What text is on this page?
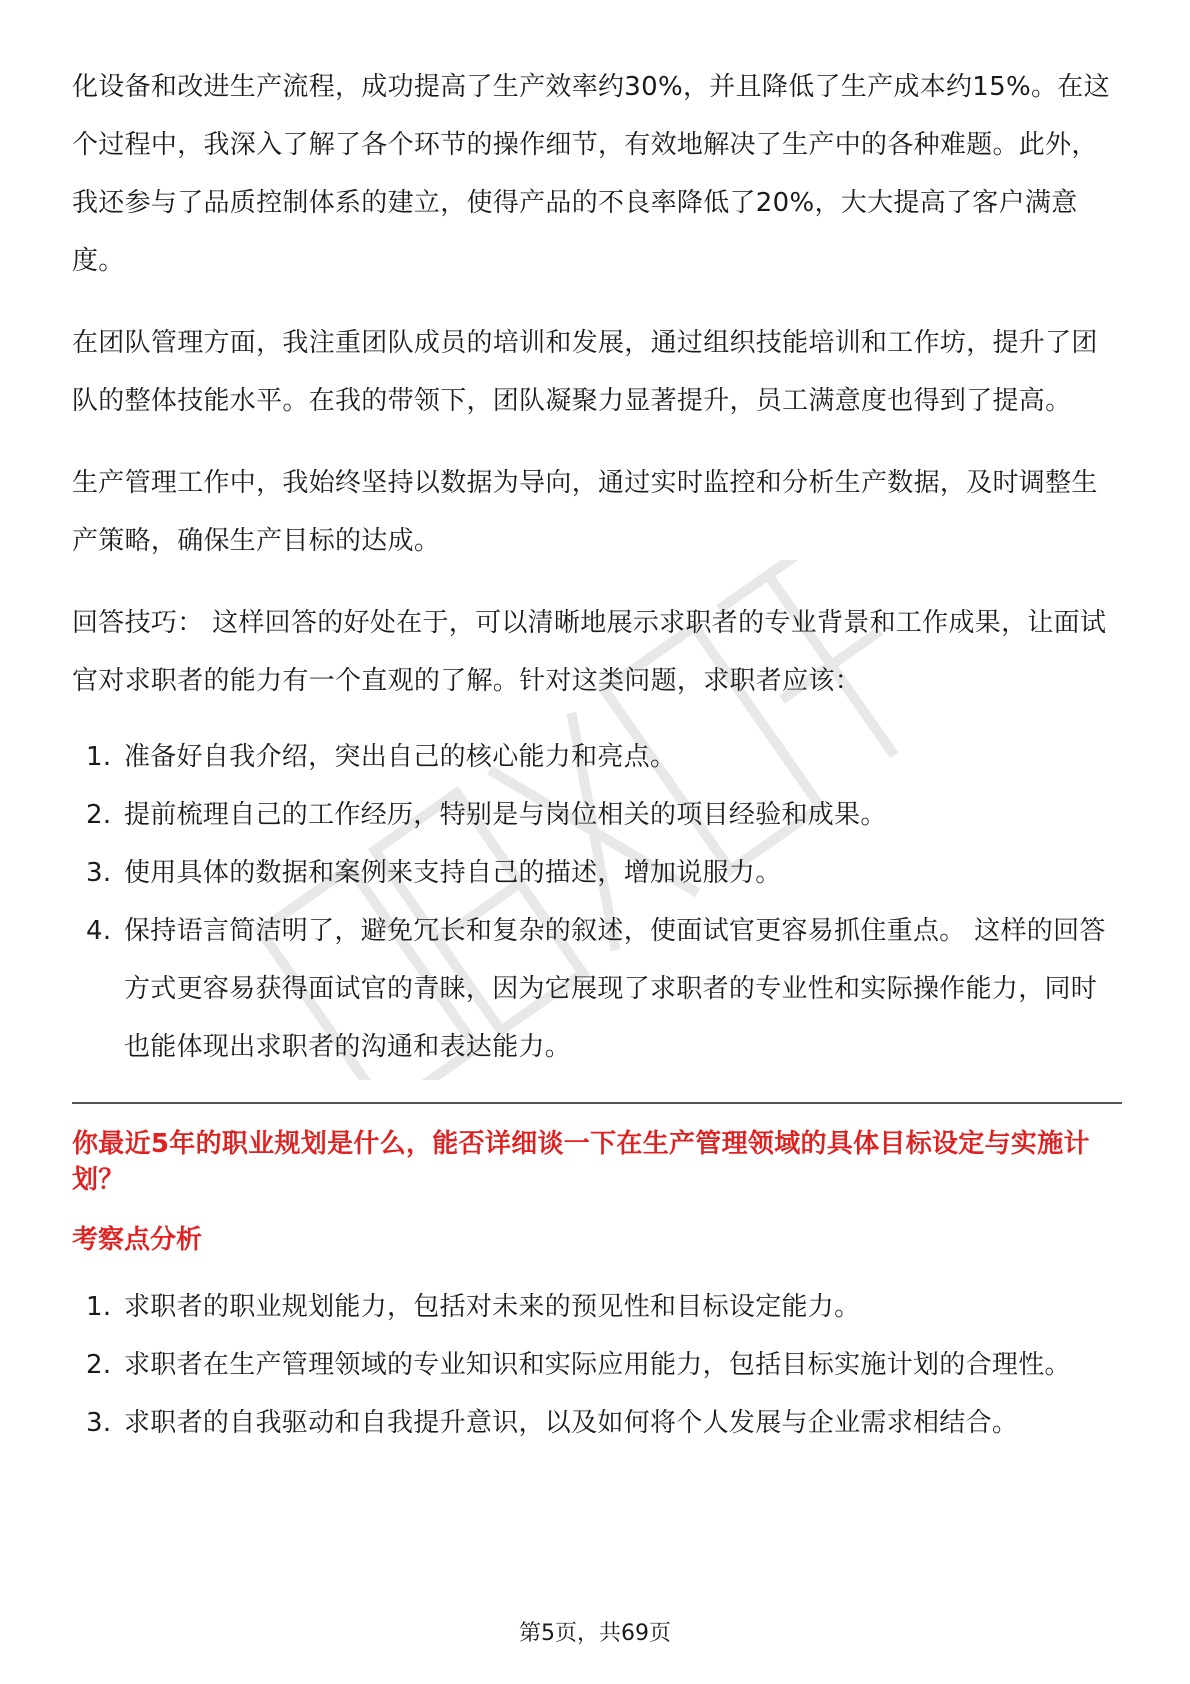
化设备和改进生产流程，成功提高了生产效率约30%，并且降低了生产成本约15%。在这个过程中，我深入了解了各个环节的操作细节，有效地解决了生产中的各种难题。此外，我还参与了品质控制体系的建立，使得产品的不良率降低了20%，大大提高了客户满意度。

在团队管理方面，我注重团队成员的培训和发展，通过组织技能培训和工作坊，提升了团队的整体技能水平。在我的带领下，团队凝聚力显著提升，员工满意度也得到了提高。

生产管理工作中，我始终坚持以数据为导向，通过实时监控和分析生产数据，及时调整生产策略，确保生产目标的达成。

回答技巧： 这样回答的好处在于，可以清晰地展示求职者的专业背景和工作成果，让面试官对求职者的能力有一个直观的了解。针对这类问题，求职者应该：

1. 准备好自我介绍，突出自己的核心能力和亮点。
2. 提前梳理自己的工作经历，特别是与岗位相关的项目经验和成果。
3. 使用具体的数据和案例来支持自己的描述，增加说服力。
4. 保持语言简洁明了，避免冗长和复杂的叙述，使面试官更容易抓住重点。 这样的回答方式更容易获得面试官的青睐，因为它展现了求职者的专业性和实际操作能力，同时也能体现出求职者的沟通和表达能力。
你最近5年的职业规划是什么，能否详细谈一下在生产管理领域的具体目标设定与实施计划？
考察点分析
1. 求职者的职业规划能力，包括对未来的预见性和目标设定能力。
2. 求职者在生产管理领域的专业知识和实际应用能力，包括目标实施计划的合理性。
3. 求职者的自我驱动和自我提升意识，以及如何将个人发展与企业需求相结合。
第5页，共69页
